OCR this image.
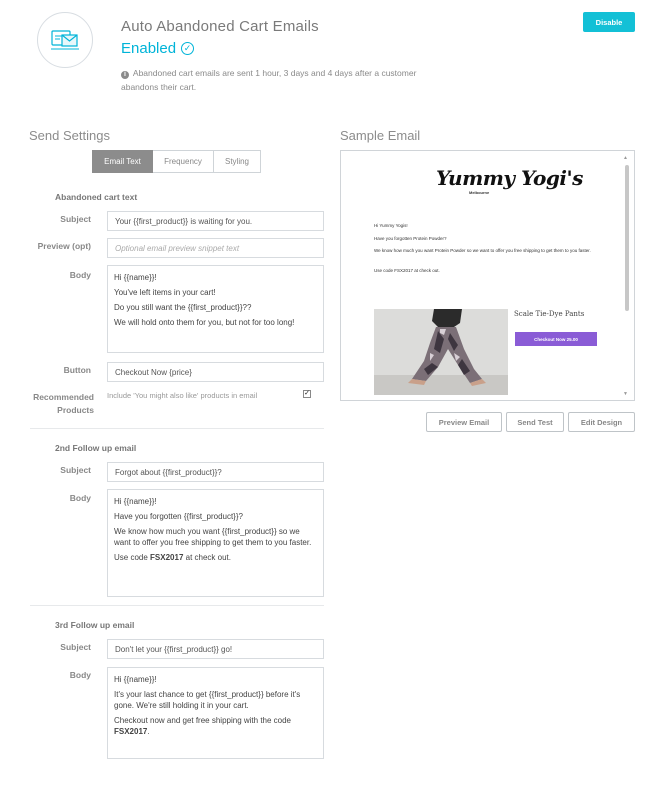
Auto Abandoned Cart Emails
Enabled ✓
i Abandoned cart emails are sent 1 hour, 3 days and 4 days after a customer abandons their cart.
Disable
Send Settings	Sample Email
Email Text	Frequency	Styling
Abandoned cart text
Subject	Your {{first_product}} is waiting for you.
Preview (opt)	Optional email preview snippet text
Body	Hi {{name}}!

You've left items in your cart!

Do you still want the {{first_product}}??

We will hold onto them for you, but not for too long!

Button	Checkout Now {price}
Recommended Products
Include 'You might also like' products in email	✓
2nd Follow up email
Subject	Forgot about {{first_product}}?
Body	Hi {{name}}!

Have you forgotten {{first_product}}?

We know how much you want {{first_product}} so we want to offer you free shipping to get them to you faster.

Use code FSX2017 at check out.

3rd Follow up email
Subject	Don't let your {{first_product}} go!
Body	Hi {{name}}!

It's your last chance to get {{first_product}} before it's gone. We're still holding it in your cart.

Checkout now and get free shipping with the code FSX2017.

Yummy Yogi's
Melbourne
Hi Yummy Yogis!
Have you forgotten Protein Powder?
We know how much you want Protein Powder so we want to offer you free shipping to get them to you faster.
Use code FSX2017 at check out.
Scale Tie-Dye Pants
Checkout Now 25.00
▲
▼
Preview Email	Send Test	Edit Design
